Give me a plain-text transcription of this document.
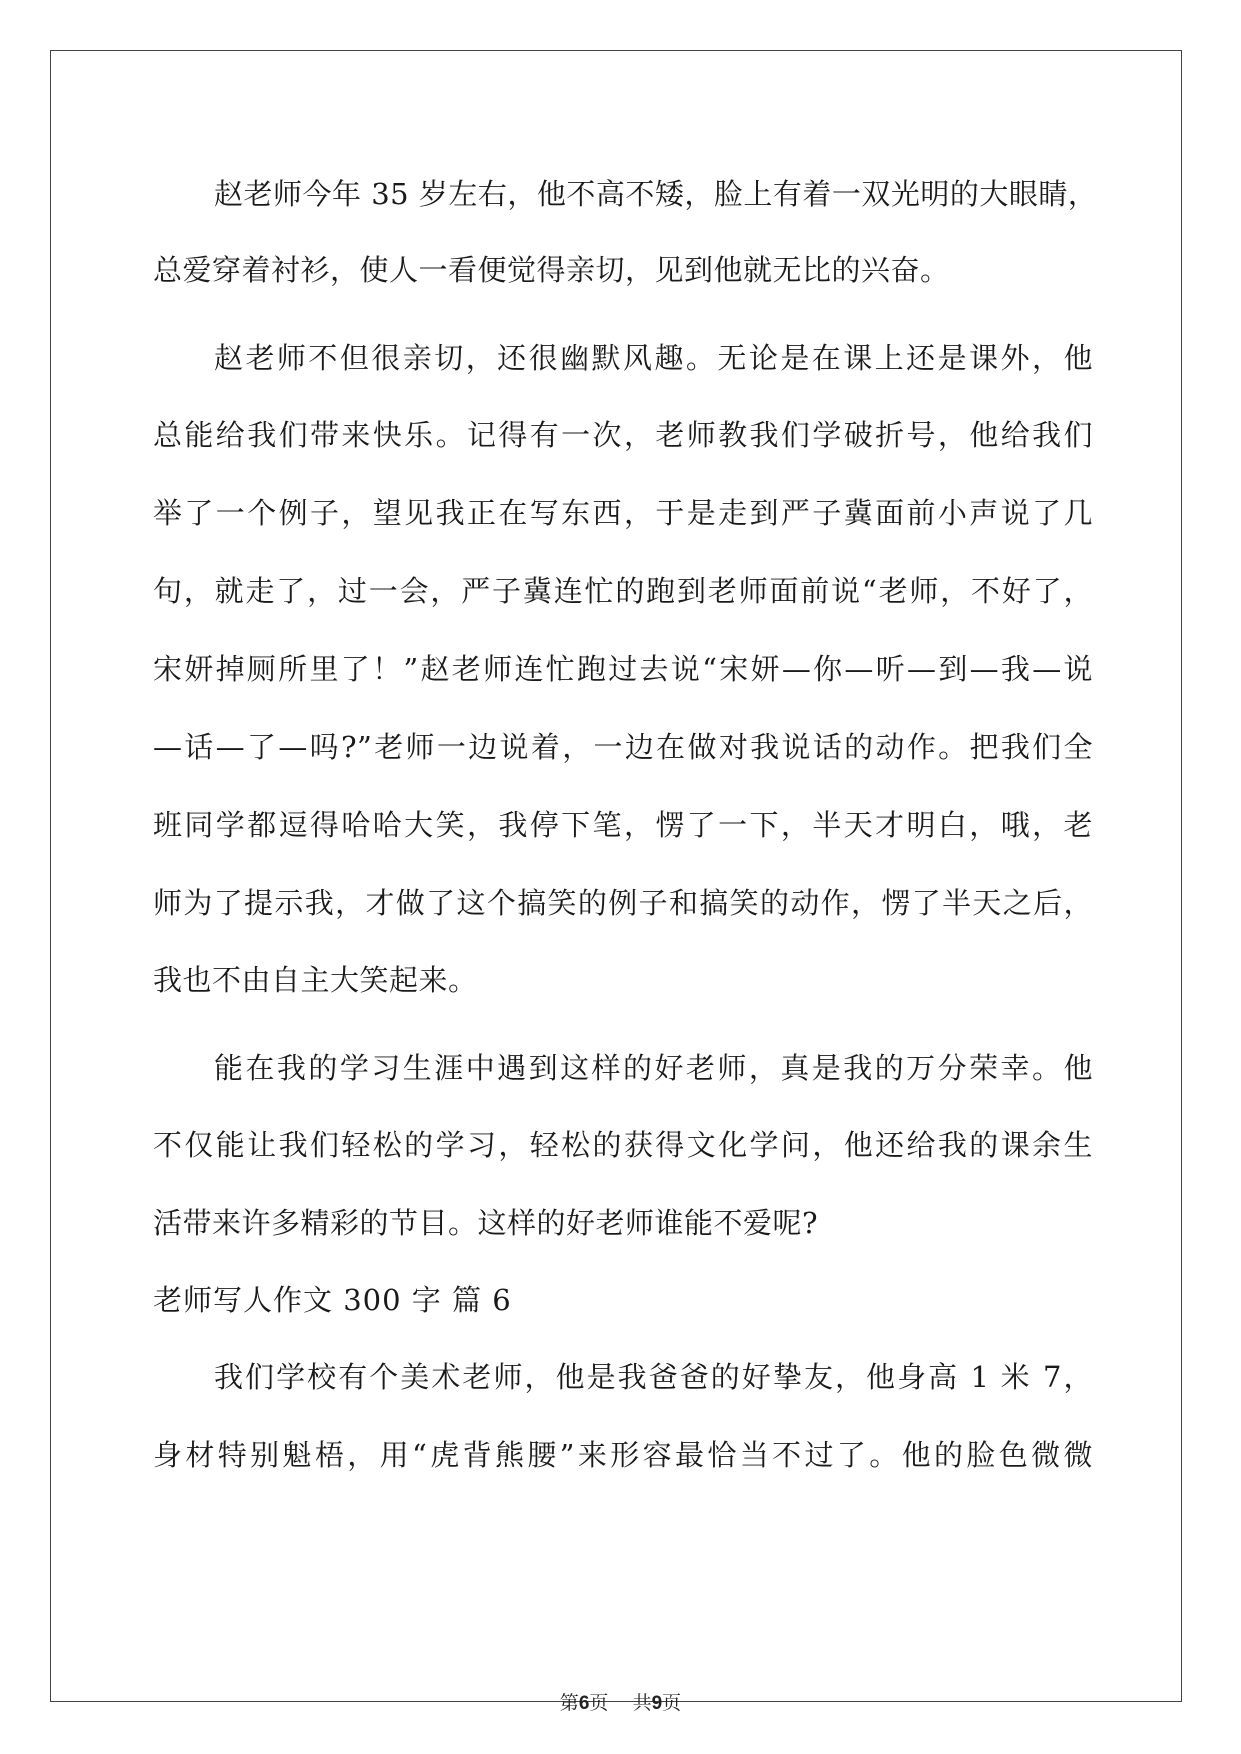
赵老师今年 35 岁左右，他不高不矮，脸上有着一双光明的大眼睛，
总爱穿着衬衫，使人一看便觉得亲切，见到他就无比的兴奋。
赵老师不但很亲切，还很幽默风趣。无论是在课上还是课外，他
总能给我们带来快乐。记得有一次，老师教我们学破折号，他给我们
举了一个例子，望见我正在写东西，于是走到严子冀面前小声说了几
句，就走了，过一会，严子冀连忙的跑到老师面前说“老师，不好了，
宋妍掉厕所里了！”赵老师连忙跑过去说“宋妍—你—听—到—我—说
—话—了—吗?”老师一边说着，一边在做对我说话的动作。把我们全
班同学都逗得哈哈大笑，我停下笔，愣了一下，半天才明白，哦，老
师为了提示我，才做了这个搞笑的例子和搞笑的动作，愣了半天之后，
我也不由自主大笑起来。
能在我的学习生涯中遇到这样的好老师，真是我的万分荣幸。他
不仅能让我们轻松的学习，轻松的获得文化学问，他还给我的课余生
活带来许多精彩的节目。这样的好老师谁能不爱呢?
老师写人作文 300 字 篇 6
我们学校有个美术老师，他是我爸爸的好挚友，他身高 1 米 7，
身材特别魁梧，用“虎背熊腰”来形容最恰当不过了。他的脸色微微
第6页 共9页
